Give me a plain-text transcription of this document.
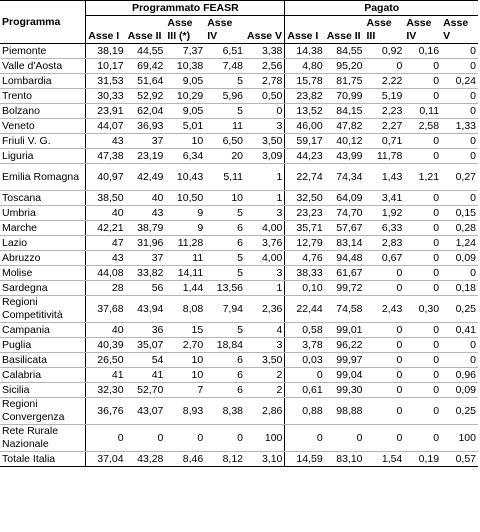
Programma	Programmato FEASR					Pagato				
	Asse I	Asse II	Asse III (*)	Asse IV	Asse V	Asse I	Asse II	Asse III	Asse IV	Asse V
Piemonte	38,19	44,55	7,37	6,51	3,38	14,38	84,55	0,92	0,16	0
Valle d'Aosta	10,17	69,42	10,38	7,48	2,56	4,80	95,20	0	0	0
Lombardia	31,53	51,64	9,05	5	2,78	15,78	81,75	2,22	0	0,24
Trento	30,33	52,92	10,29	5,96	0,50	23,82	70,99	5,19	0	0
Bolzano	23,91	62,04	9,05	5	0	13,52	84,15	2,23	0,11	0
Veneto	44,07	36,93	5,01	11	3	46,00	47,82	2,27	2,58	1,33
Friuli V. G.	43	37	10	6,50	3,50	59,17	40,12	0,71	0	0
Liguria	47,38	23,19	6,34	20	3,09	44,23	43,99	11,78	0	0
Emilia Romagna	40,97	42,49	10,43	5,11	1	22,74	74,34	1,43	1,21	0,27
Toscana	38,50	40	10,50	10	1	32,50	64,09	3,41	0	0
Umbria	40	43	9	5	3	23,23	74,70	1,92	0	0,15
Marche	42,21	38,79	9	6	4,00	35,71	57,67	6,33	0	0,28
Lazio	47	31,96	11,28	6	3,76	12,79	83,14	2,83	0	1,24
Abruzzo	43	37	11	5	4,00	4,76	94,48	0,67	0	0,09
Molise	44,08	33,82	14,11	5	3	38,33	61,67	0	0	0
Sardegna	28	56	1,44	13,56	1	0,10	99,72	0	0	0,18
Regioni Competitività	37,68	43,94	8,08	7,94	2,36	22,44	74,58	2,43	0,30	0,25
Campania	40	36	15	5	4	0,58	99,01	0	0	0,41
Puglia	40,39	35,07	2,70	18,84	3	3,78	96,22	0	0	0
Basilicata	26,50	54	10	6	3,50	0,03	99,97	0	0	0
Calabria	41	41	10	6	2	0	99,04	0	0	0,96
Sicilia	32,30	52,70	7	6	2	0,61	99,30	0	0	0,09
Regioni Convergenza	36,76	43,07	8,93	8,38	2,86	0,88	98,88	0	0	0,25
Rete Rurale Nazionale	0	0	0	0	100	0	0	0	0	100
Totale Italia	37,04	43,28	8,46	8,12	3,10	14,59	83,10	1,54	0,19	0,57
